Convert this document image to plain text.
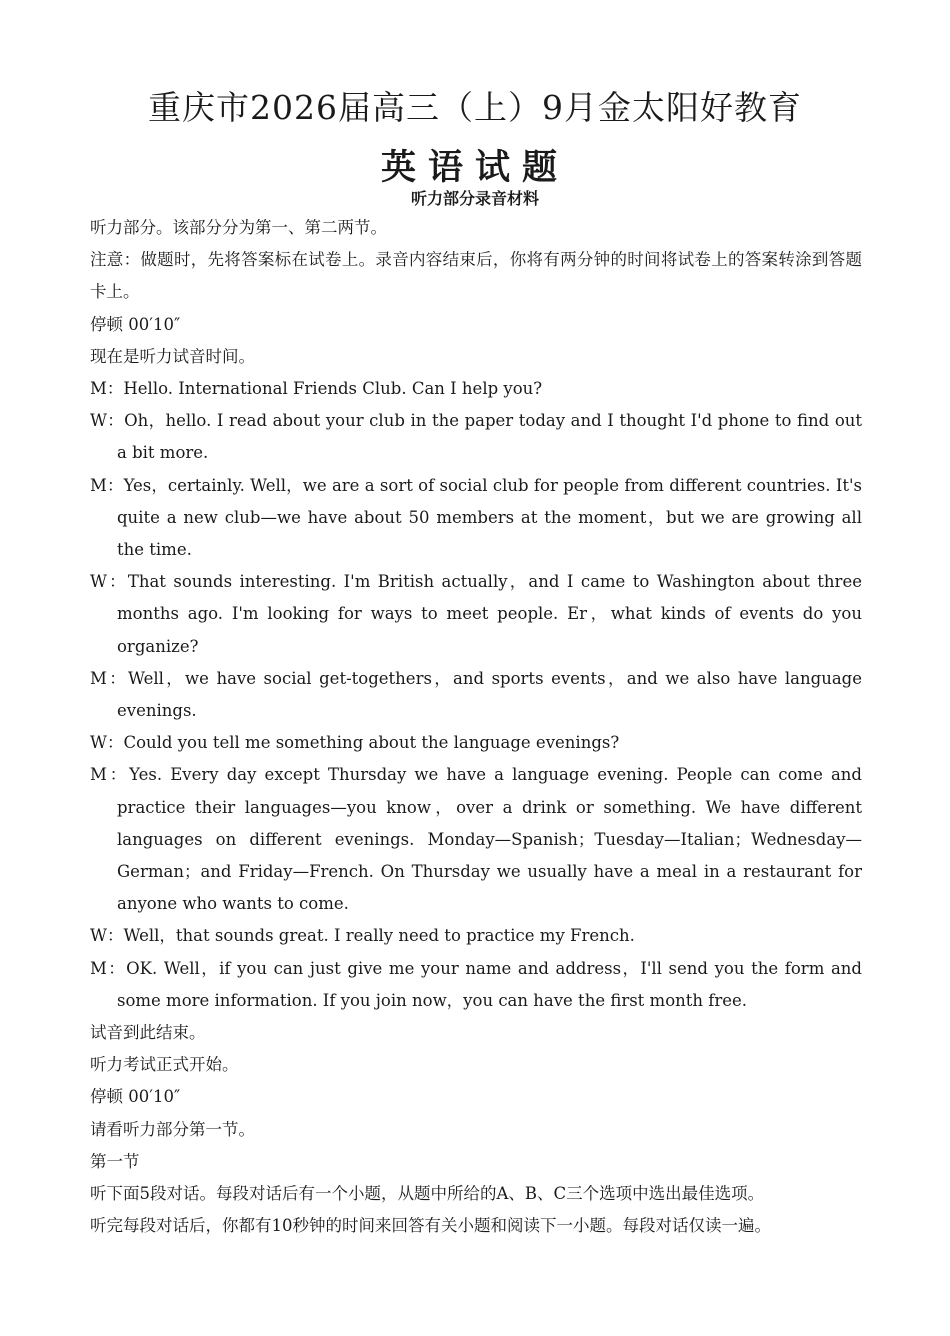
重庆市2026届高三（上）9月金太阳好教育
英语试题
听力部分录音材料

听力部分。该部分分为第一、第二两节。

注意：做题时，先将答案标在试卷上。录音内容结束后，你将有两分钟的时间将试卷上的答案转涂到答题卡上。

停顿 00′10″

现在是听力试音时间。

M：Hello. International Friends Club. Can I help you?

W：Oh，hello. I read about your club in the paper today and I thought I'd phone to find out a bit more.

M：Yes，certainly. Well，we are a sort of social club for people from different countries. It's quite a new club—we have about 50 members at the moment，but we are growing all the time.

W：That sounds interesting. I'm British actually，and I came to Washington about three months ago. I'm looking for ways to meet people. Er，what kinds of events do you organize?

M：Well，we have social get-togethers，and sports events，and we also have language evenings.

W：Could you tell me something about the language evenings?

M：Yes. Every day except Thursday we have a language evening. People can come and practice their languages—you know，over a drink or something. We have different languages on different evenings. Monday—Spanish；Tuesday—Italian；Wednesday—German；and Friday—French. On Thursday we usually have a meal in a restaurant for anyone who wants to come.

W：Well，that sounds great. I really need to practice my French.

M：OK. Well，if you can just give me your name and address，I'll send you the form and some more information. If you join now，you can have the first month free.

试音到此结束。

听力考试正式开始。

停顿 00′10″

请看听力部分第一节。

第一节

听下面5段对话。每段对话后有一个小题，从题中所给的A、B、C三个选项中选出最佳选项。

听完每段对话后，你都有10秒钟的时间来回答有关小题和阅读下一小题。每段对话仅读一遍。
